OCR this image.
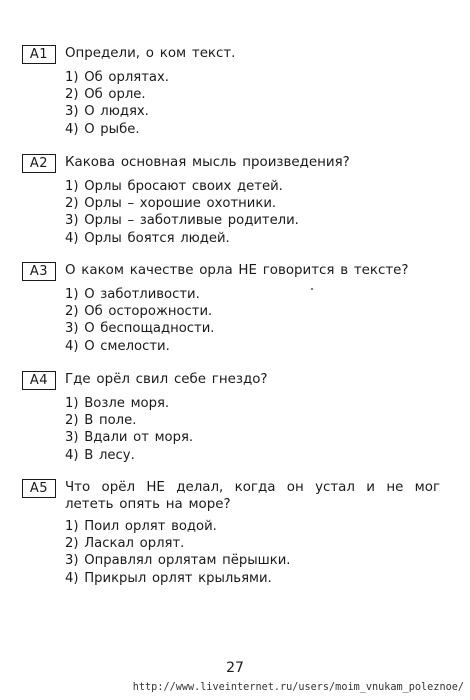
А1	Определи, о ком текст.
1) Об орлятах.
2) Об орле.
3) О людях.
4) О рыбе.
А2	Какова основная мысль произведения?
1) Орлы бросают своих детей.
2) Орлы – хорошие охотники.
3) Орлы – заботливые родители.
4) Орлы боятся людей.
А3	О каком качестве орла НЕ говорится в тексте?
1) О заботливости.
2) Об осторожности.
3) О беспощадности.
4) О смелости.
А4	Где орёл свил себе гнездо?
1) Возле моря.
2) В поле.
3) Вдали от моря.
4) В лесу.
А5	Что орёл НЕ делал, когда он устал и не мог лететь опять на море?
1) Поил орлят водой.
2) Ласкал орлят.
3) Оправлял орлятам пёрышки.
4) Прикрыл орлят крыльями.
27
http://www.liveinternet.ru/users/moim_vnukam_poleznoe/
